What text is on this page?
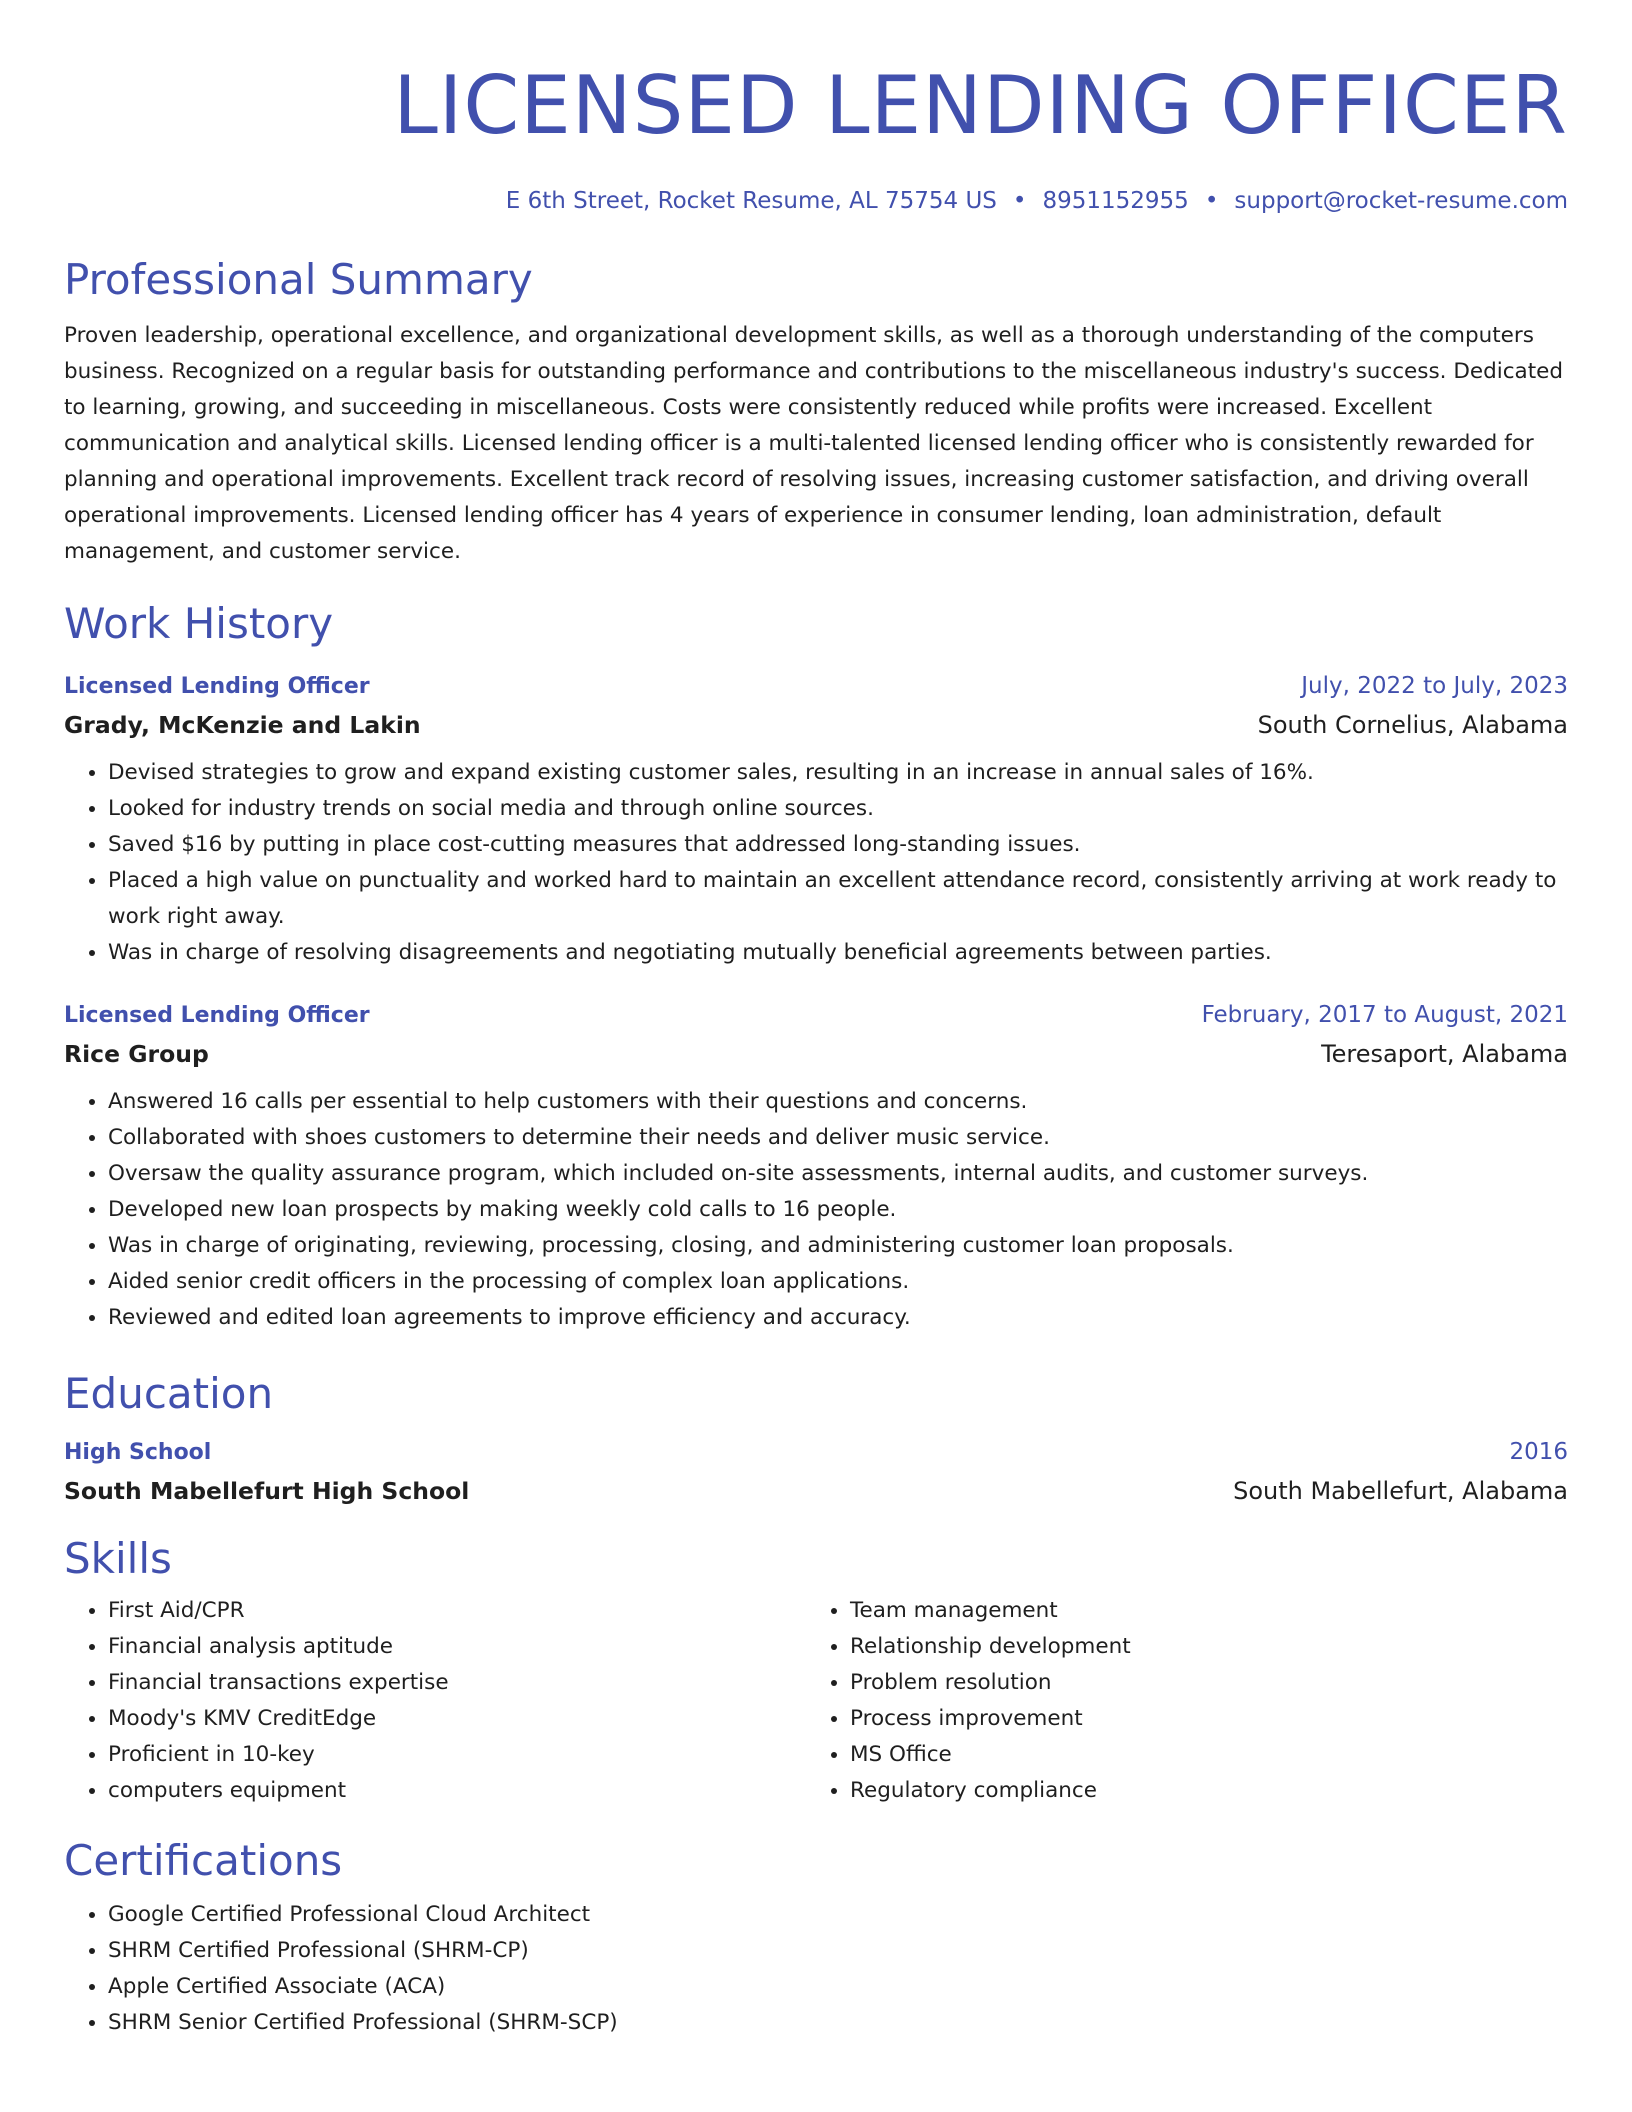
LICENSED LENDING OFFICER
E 6th Street, Rocket Resume, AL 75754 US • 8951152955 • support@rocket-resume.com
Professional Summary
Proven leadership, operational excellence, and organizational development skills, as well as a thorough understanding of the computers business. Recognized on a regular basis for outstanding performance and contributions to the miscellaneous industry's success. Dedicated to learning, growing, and succeeding in miscellaneous. Costs were consistently reduced while profits were increased. Excellent communication and analytical skills. Licensed lending officer is a multi-talented licensed lending officer who is consistently rewarded for planning and operational improvements. Excellent track record of resolving issues, increasing customer satisfaction, and driving overall operational improvements. Licensed lending officer has 4 years of experience in consumer lending, loan administration, default management, and customer service.
Work History
Licensed Lending Officer	July, 2022 to July, 2023
Grady, McKenzie and Lakin	South Cornelius, Alabama
• Devised strategies to grow and expand existing customer sales, resulting in an increase in annual sales of 16%.
• Looked for industry trends on social media and through online sources.
• Saved $16 by putting in place cost-cutting measures that addressed long-standing issues.
• Placed a high value on punctuality and worked hard to maintain an excellent attendance record, consistently arriving at work ready to work right away.
• Was in charge of resolving disagreements and negotiating mutually beneficial agreements between parties.
Licensed Lending Officer	February, 2017 to August, 2021
Rice Group	Teresaport, Alabama
• Answered 16 calls per essential to help customers with their questions and concerns.
• Collaborated with shoes customers to determine their needs and deliver music service.
• Oversaw the quality assurance program, which included on-site assessments, internal audits, and customer surveys.
• Developed new loan prospects by making weekly cold calls to 16 people.
• Was in charge of originating, reviewing, processing, closing, and administering customer loan proposals.
• Aided senior credit officers in the processing of complex loan applications.
• Reviewed and edited loan agreements to improve efficiency and accuracy.
Education
High School	2016
South Mabellefurt High School	South Mabellefurt, Alabama
Skills
• First Aid/CPR
• Financial analysis aptitude
• Financial transactions expertise
• Moody's KMV CreditEdge
• Proficient in 10-key
• computers equipment
• Team management
• Relationship development
• Problem resolution
• Process improvement
• MS Office
• Regulatory compliance
Certifications
• Google Certified Professional Cloud Architect
• SHRM Certified Professional (SHRM-CP)
• Apple Certified Associate (ACA)
• SHRM Senior Certified Professional (SHRM-SCP)
